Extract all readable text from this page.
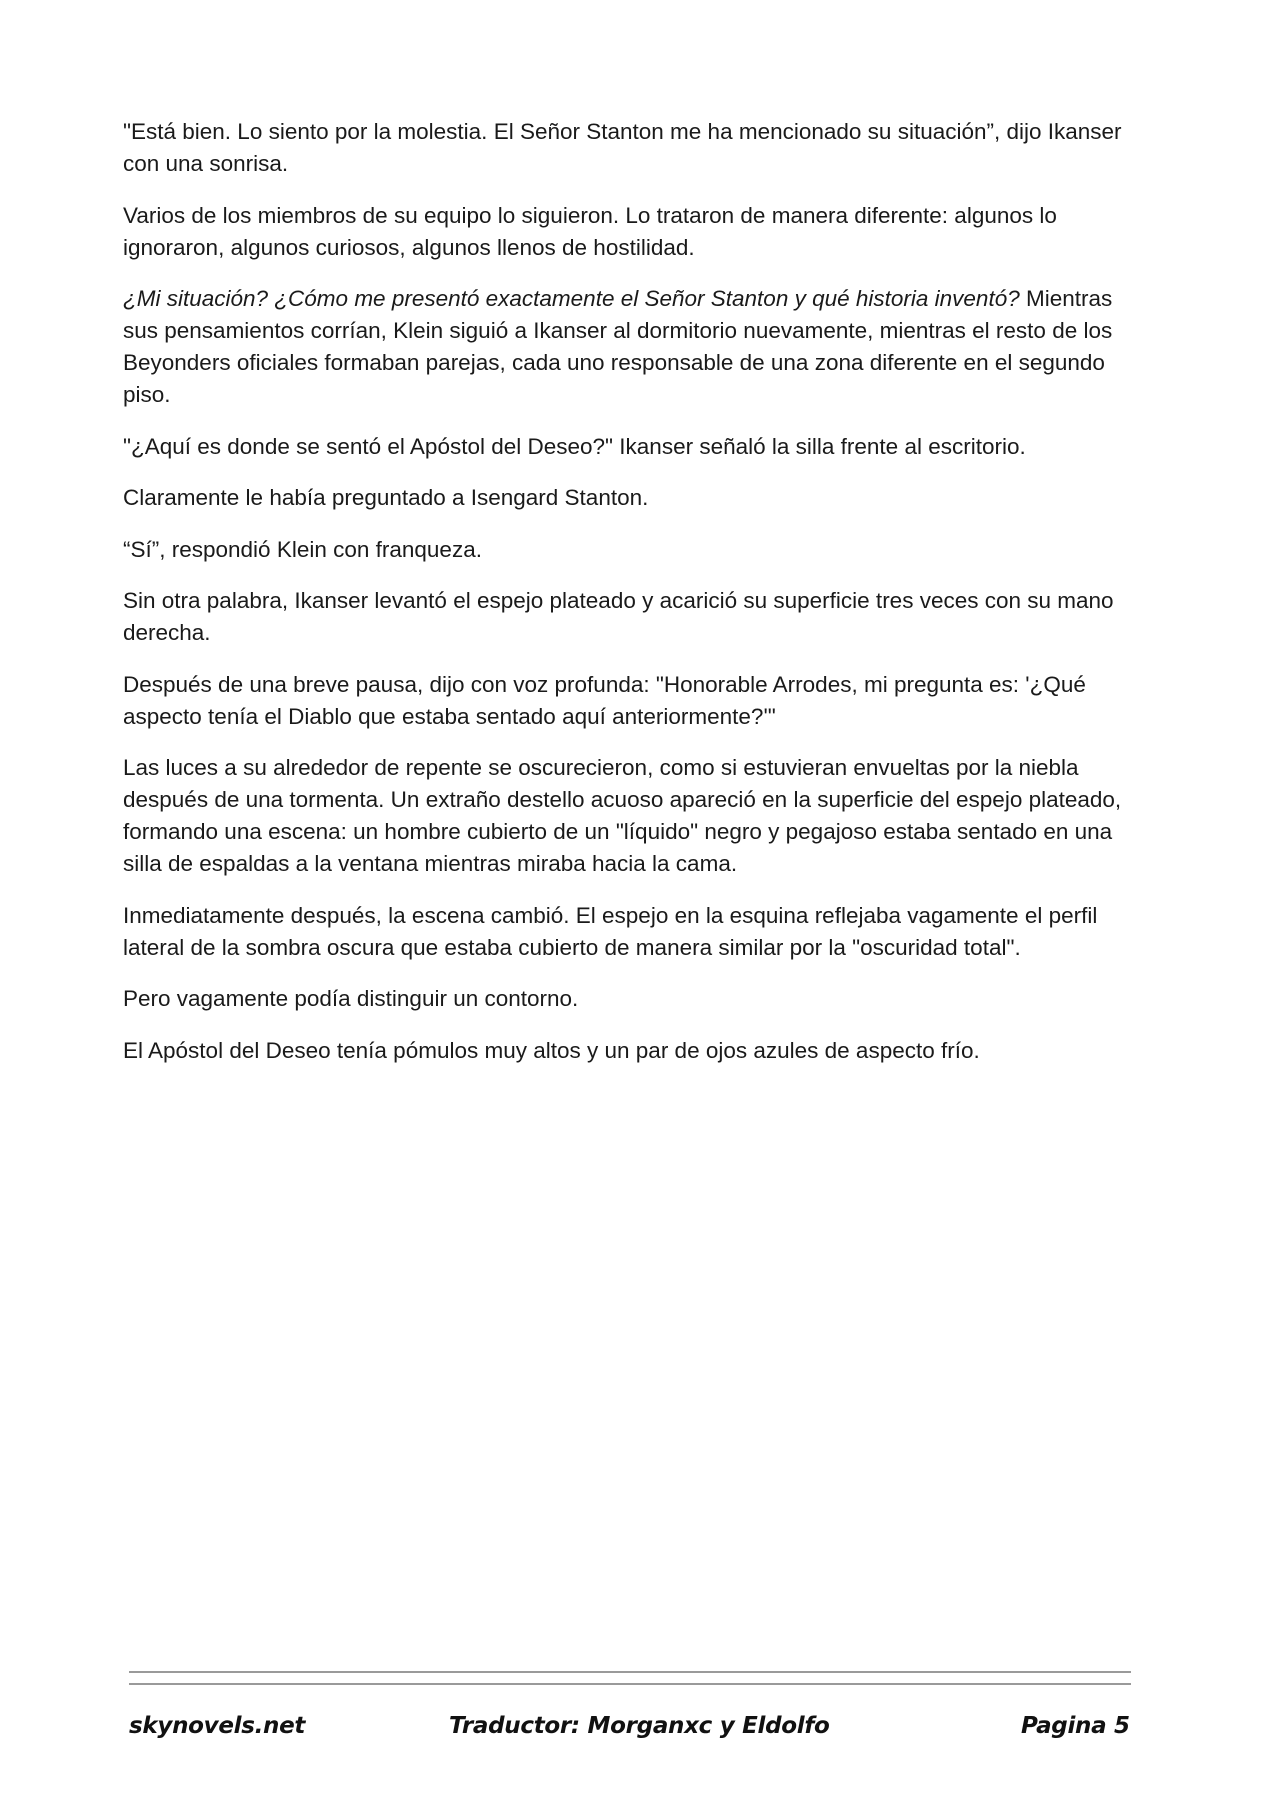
"Está bien. Lo siento por la molestia. El Señor Stanton me ha mencionado su situación”, dijo Ikanser con una sonrisa.

Varios de los miembros de su equipo lo siguieron. Lo trataron de manera diferente: algunos lo ignoraron, algunos curiosos, algunos llenos de hostilidad.

¿Mi situación? ¿Cómo me presentó exactamente el Señor Stanton y qué historia inventó? Mientras sus pensamientos corrían, Klein siguió a Ikanser al dormitorio nuevamente, mientras el resto de los Beyonders oficiales formaban parejas, cada uno responsable de una zona diferente en el segundo piso.

"¿Aquí es donde se sentó el Apóstol del Deseo?" Ikanser señaló la silla frente al escritorio.

Claramente le había preguntado a Isengard Stanton.

“Sí”, respondió Klein con franqueza.

Sin otra palabra, Ikanser levantó el espejo plateado y acarició su superficie tres veces con su mano derecha.

Después de una breve pausa, dijo con voz profunda: "Honorable Arrodes, mi pregunta es: '¿Qué aspecto tenía el Diablo que estaba sentado aquí anteriormente?'"

Las luces a su alrededor de repente se oscurecieron, como si estuvieran envueltas por la niebla después de una tormenta. Un extraño destello acuoso apareció en la superficie del espejo plateado, formando una escena: un hombre cubierto de un "líquido" negro y pegajoso estaba sentado en una silla de espaldas a la ventana mientras miraba hacia la cama.

Inmediatamente después, la escena cambió. El espejo en la esquina reflejaba vagamente el perfil lateral de la sombra oscura que estaba cubierto de manera similar por la "oscuridad total".

Pero vagamente podía distinguir un contorno.

El Apóstol del Deseo tenía pómulos muy altos y un par de ojos azules de aspecto frío.

skynovels.net	Traductor: Morganxc y Eldolfo	Pagina 5
